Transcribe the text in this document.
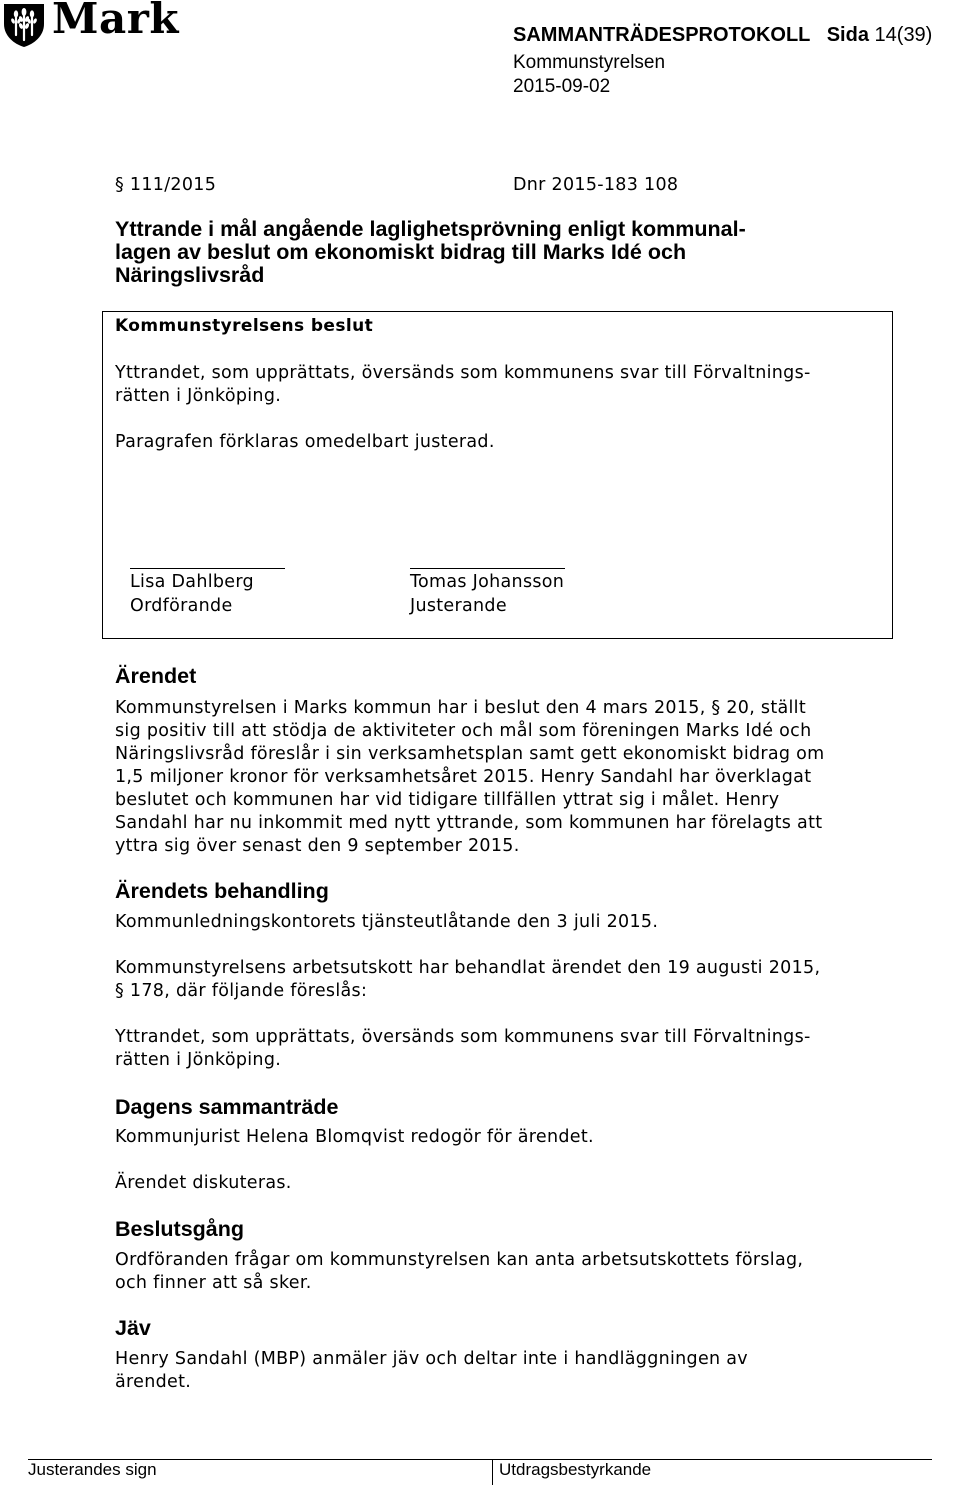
Mark	SAMMANTRÄDESPROTOKOLL Sida 14(39)
Kommunstyrelsen
2015-09-02
§ 111/2015	Dnr 2015-183 108
Yttrande i mål angående laglighetsprövning enligt kommunal-
lagen av beslut om ekonomiskt bidrag till Marks Idé och
Näringslivsråd
Kommunstyrelsens beslut
Yttrandet, som upprättats, översänds som kommunens svar till Förvaltnings-
rätten i Jönköping.
Paragrafen förklaras omedelbart justerad.
Lisa Dahlberg
Ordförande
Tomas Johansson
Justerande
Ärendet
Kommunstyrelsen i Marks kommun har i beslut den 4 mars 2015, § 20, ställt
sig positiv till att stödja de aktiviteter och mål som föreningen Marks Idé och
Näringslivsråd föreslår i sin verksamhetsplan samt gett ekonomiskt bidrag om
1,5 miljoner kronor för verksamhetsåret 2015. Henry Sandahl har överklagat
beslutet och kommunen har vid tidigare tillfällen yttrat sig i målet. Henry
Sandahl har nu inkommit med nytt yttrande, som kommunen har förelagts att
yttra sig över senast den 9 september 2015.
Ärendets behandling
Kommunledningskontorets tjänsteutlåtande den 3 juli 2015.
Kommunstyrelsens arbetsutskott har behandlat ärendet den 19 augusti 2015,
§ 178, där följande föreslås:
Yttrandet, som upprättats, översänds som kommunens svar till Förvaltnings-
rätten i Jönköping.
Dagens sammanträde
Kommunjurist Helena Blomqvist redogör för ärendet.
Ärendet diskuteras.
Beslutsgång
Ordföranden frågar om kommunstyrelsen kan anta arbetsutskottets förslag,
och finner att så sker.
Jäv
Henry Sandahl (MBP) anmäler jäv och deltar inte i handläggningen av
ärendet.
Justerandes sign	Utdragsbestyrkande
